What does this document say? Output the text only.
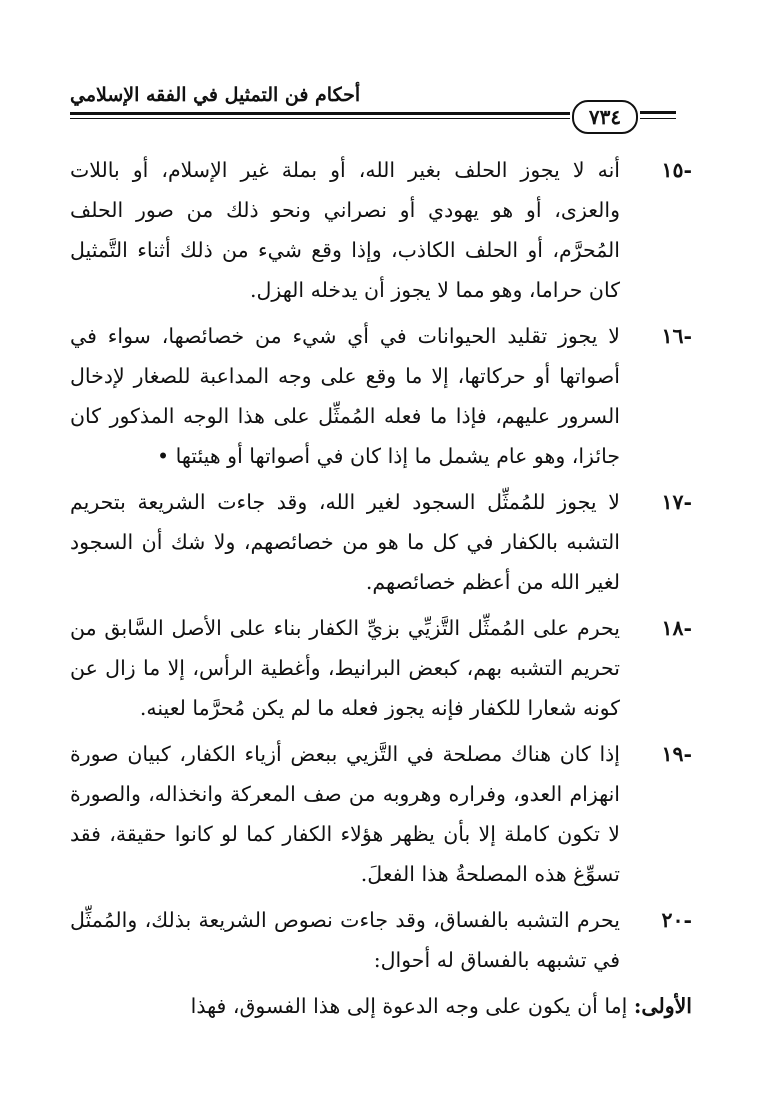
أحكام فن التمثيل في الفقه الإسلامي
٧٣٤
-١٥
أنه لا يجوز الحلف بغير الله، أو بملة غير الإسلام، أو باللات والعزى، أو هو يهودي أو نصراني ونحو ذلك من صور الحلف المُحرَّم، أو الحلف الكاذب، وإذا وقع شيء من ذلك أثناء التَّمثيل كان حراما، وهو مما لا يجوز أن يدخله الهزل.
-١٦
لا يجوز تقليد الحيوانات في أي شيء من خصائصها، سواء في أصواتها أو حركاتها، إلا ما وقع على وجه المداعبة للصغار لإدخال السرور عليهم، فإذا ما فعله المُمثِّل على هذا الوجه المذكور كان جائزا، وهو عام يشمل ما إذا كان في أصواتها أو هيئتها •
-١٧
لا يجوز للمُمثِّل السجود لغير الله، وقد جاءت الشريعة بتحريم التشبه بالكفار في كل ما هو من خصائصهم، ولا شك أن السجود لغير الله من أعظم خصائصهم.
-١٨
يحرم على المُمثِّل التَّزيِّي بزيِّ الكفار بناء على الأصل السَّابق من تحريم التشبه بهم، كبعض البرانيط، وأغطية الرأس، إلا ما زال عن كونه شعارا للكفار فإنه يجوز فعله ما لم يكن مُحرَّما لعينه.
-١٩
إذا كان هناك مصلحة في التَّزيي ببعض أزياء الكفار، كبيان صورة انهزام العدو، وفراره وهروبه من صف المعركة وانخذاله، والصورة لا تكون كاملة إلا بأن يظهر هؤلاء الكفار كما لو كانوا حقيقة، فقد تسوِّغ هذه المصلحةُ هذا الفعلَ.
-٢٠
يحرم التشبه بالفساق، وقد جاءت نصوص الشريعة بذلك، والمُمثِّل في تشبهه بالفساق له أحوال:
الأولى: إما أن يكون على وجه الدعوة إلى هذا الفسوق، فهذا
